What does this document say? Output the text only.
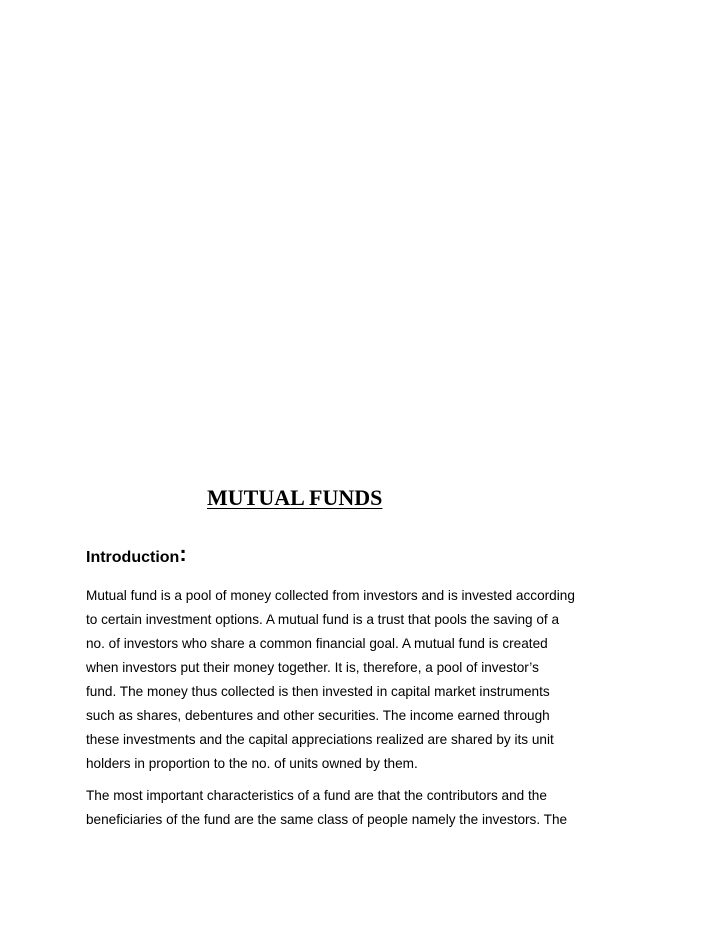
MUTUAL FUNDS
Introduction:

Mutual fund is a pool of money collected from investors and is invested according
to certain investment options. A mutual fund is a trust that pools the saving of a
no. of investors who share a common financial goal. A mutual fund is created
when investors put their money together. It is, therefore, a pool of investor’s
fund. The money thus collected is then invested in capital market instruments
such as shares, debentures and other securities. The income earned through
these investments and the capital appreciations realized are shared by its unit
holders in proportion to the no. of units owned by them.

The most important characteristics of a fund are that the contributors and the
beneficiaries of the fund are the same class of people namely the investors. The
